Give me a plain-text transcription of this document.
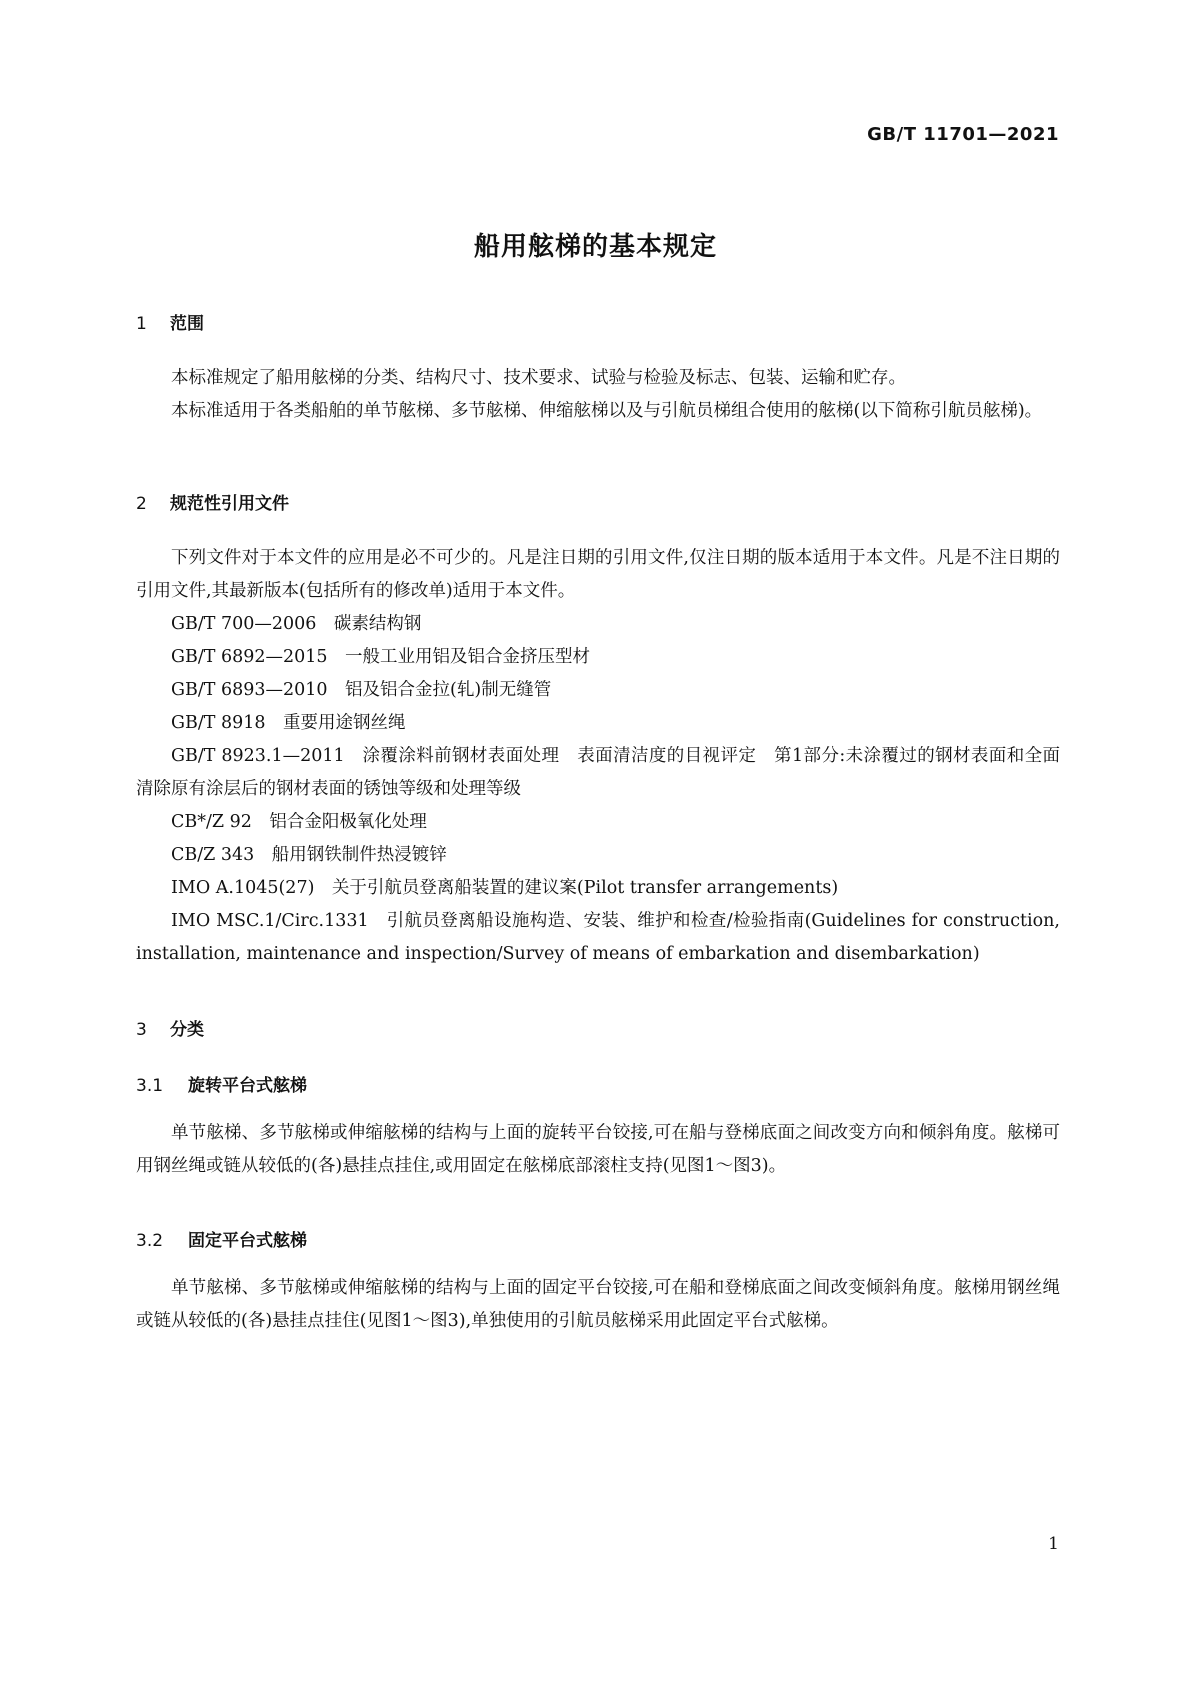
GB/T 11701—2021
船用舷梯的基本规定
1 范围

本标准规定了船用舷梯的分类、结构尺寸、技术要求、试验与检验及标志、包装、运输和贮存。

本标准适用于各类船舶的单节舷梯、多节舷梯、伸缩舷梯以及与引航员梯组合使用的舷梯(以下简称引航员舷梯)。

2 规范性引用文件

下列文件对于本文件的应用是必不可少的。凡是注日期的引用文件,仅注日期的版本适用于本文件。凡是不注日期的引用文件,其最新版本(包括所有的修改单)适用于本文件。

GB/T 700—2006 碳素结构钢

GB/T 6892—2015 一般工业用铝及铝合金挤压型材

GB/T 6893—2010 铝及铝合金拉(轧)制无缝管

GB/T 8918 重要用途钢丝绳

GB/T 8923.1—2011 涂覆涂料前钢材表面处理　表面清洁度的目视评定　第1部分:未涂覆过的钢材表面和全面清除原有涂层后的钢材表面的锈蚀等级和处理等级

CB*/Z 92 铝合金阳极氧化处理

CB/Z 343 船用钢铁制件热浸镀锌

IMO A.1045(27) 关于引航员登离船装置的建议案(Pilot transfer arrangements)

IMO MSC.1/Circ.1331 引航员登离船设施构造、安装、维护和检查/检验指南(Guidelines for construction, installation, maintenance and inspection/Survey of means of embarkation and disembarkation)

3 分类
3.1 旋转平台式舷梯

单节舷梯、多节舷梯或伸缩舷梯的结构与上面的旋转平台铰接,可在船与登梯底面之间改变方向和倾斜角度。舷梯可用钢丝绳或链从较低的(各)悬挂点挂住,或用固定在舷梯底部滚柱支持(见图1～图3)。

3.2 固定平台式舷梯

单节舷梯、多节舷梯或伸缩舷梯的结构与上面的固定平台铰接,可在船和登梯底面之间改变倾斜角度。舷梯用钢丝绳或链从较低的(各)悬挂点挂住(见图1～图3),单独使用的引航员舷梯采用此固定平台式舷梯。

1
